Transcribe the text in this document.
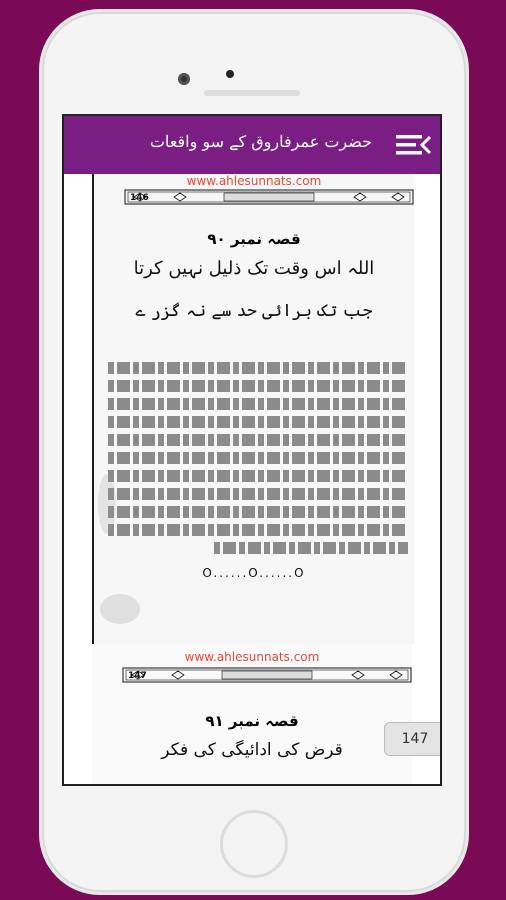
حضرت عمرفاروق کے سو واقعات
www.ahlesunnats.com
146
قصہ نمبر ۹۰
اللہ اس وقت تک ذلیل نہیں کرتا
جب تک برائی حد سے نہ گزر ے
O......O......O
www.ahlesunnats.com
147
قصہ نمبر ۹۱
قرض کی ادائیگی کی فکر
147
